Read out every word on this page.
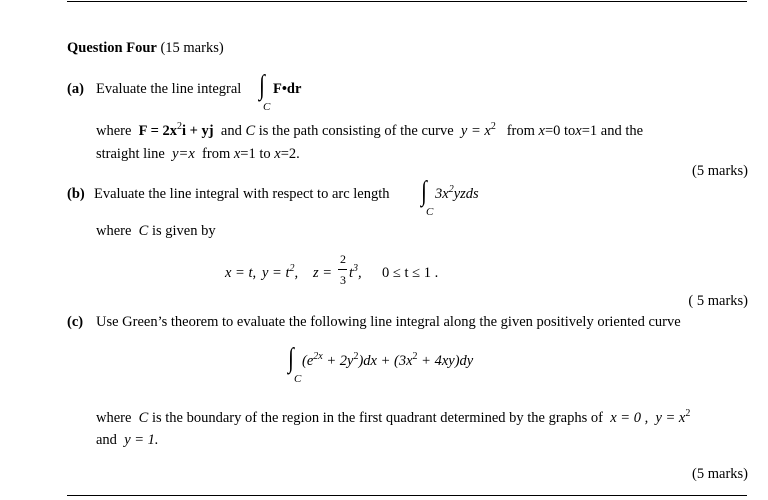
Question Four (15 marks)
(a) Evaluate the line integral ∫
C
F•dr
where $F = 2x^2i$ + yj and C is the path consisting of the curve $y = x^2$ from x=0 tox=1 and the
straight line y=x from x=1 to x=2.
(5 marks)
(b) Evaluate the line integral with respect to arc length ∫
C
$3x^2yzds$
where C is given by
x = t, $y = t^2$, z =
2
3 $t^3$, 0 ≤ t ≤ 1 .
( 5 marks)
(c) Use Green’s theorem to evaluate the following line integral along the given positively oriented curve
∫
C
$(e^{2x} + 2y^2)dx + (3x^2 + 4xy)dy$
where C is the boundary of the region in the first quadrant determined by the graphs of x = 0 , $y = x^2$
and y = 1.
(5 marks)
